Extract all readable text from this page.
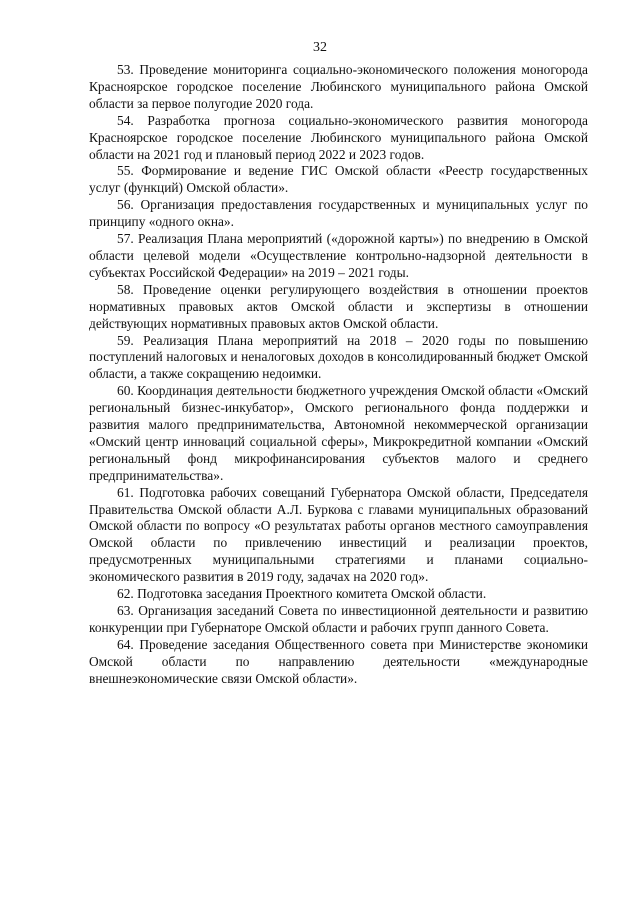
32

53. Проведение мониторинга социально-экономического положения моногорода Красноярское городское поселение Любинского муниципального района Омской области за первое полугодие 2020 года.

54. Разработка прогноза социально-экономического развития моногорода Красноярское городское поселение Любинского муниципального района Омской области на 2021 год и плановый период 2022 и 2023 годов.

55. Формирование и ведение ГИС Омской области «Реестр государственных услуг (функций) Омской области».

56. Организация предоставления государственных и муниципальных услуг по принципу «одного окна».

57. Реализация Плана мероприятий («дорожной карты») по внедрению в Омской области целевой модели «Осуществление контрольно-надзорной деятельности в субъектах Российской Федерации» на 2019 – 2021 годы.

58. Проведение оценки регулирующего воздействия в отношении проектов нормативных правовых актов Омской области и экспертизы в отношении действующих нормативных правовых актов Омской области.

59. Реализация Плана мероприятий на 2018 – 2020 годы по повышению поступлений налоговых и неналоговых доходов в консолидированный бюджет Омской области, а также сокращению недоимки.

60. Координация деятельности бюджетного учреждения Омской области «Омский региональный бизнес-инкубатор», Омского регионального фонда поддержки и развития малого предпринимательства, Автономной некоммерческой организации «Омский центр инноваций социальной сферы», Микрокредитной компании «Омский региональный фонд микрофинансирования субъектов малого и среднего предпринимательства».

61. Подготовка рабочих совещаний Губернатора Омской области, Председателя Правительства Омской области А.Л. Буркова с главами муниципальных образований Омской области по вопросу «О результатах работы органов местного самоуправления Омской области по привлечению инвестиций и реализации проектов, предусмотренных муниципальными стратегиями и планами социально-экономического развития в 2019 году, задачах на 2020 год».

62. Подготовка заседания Проектного комитета Омской области.

63. Организация заседаний Совета по инвестиционной деятельности и развитию конкуренции при Губернаторе Омской области и рабочих групп данного Совета.

64. Проведение заседания Общественного совета при Министерстве экономики Омской области по направлению деятельности «международные внешнеэкономические связи Омской области».
